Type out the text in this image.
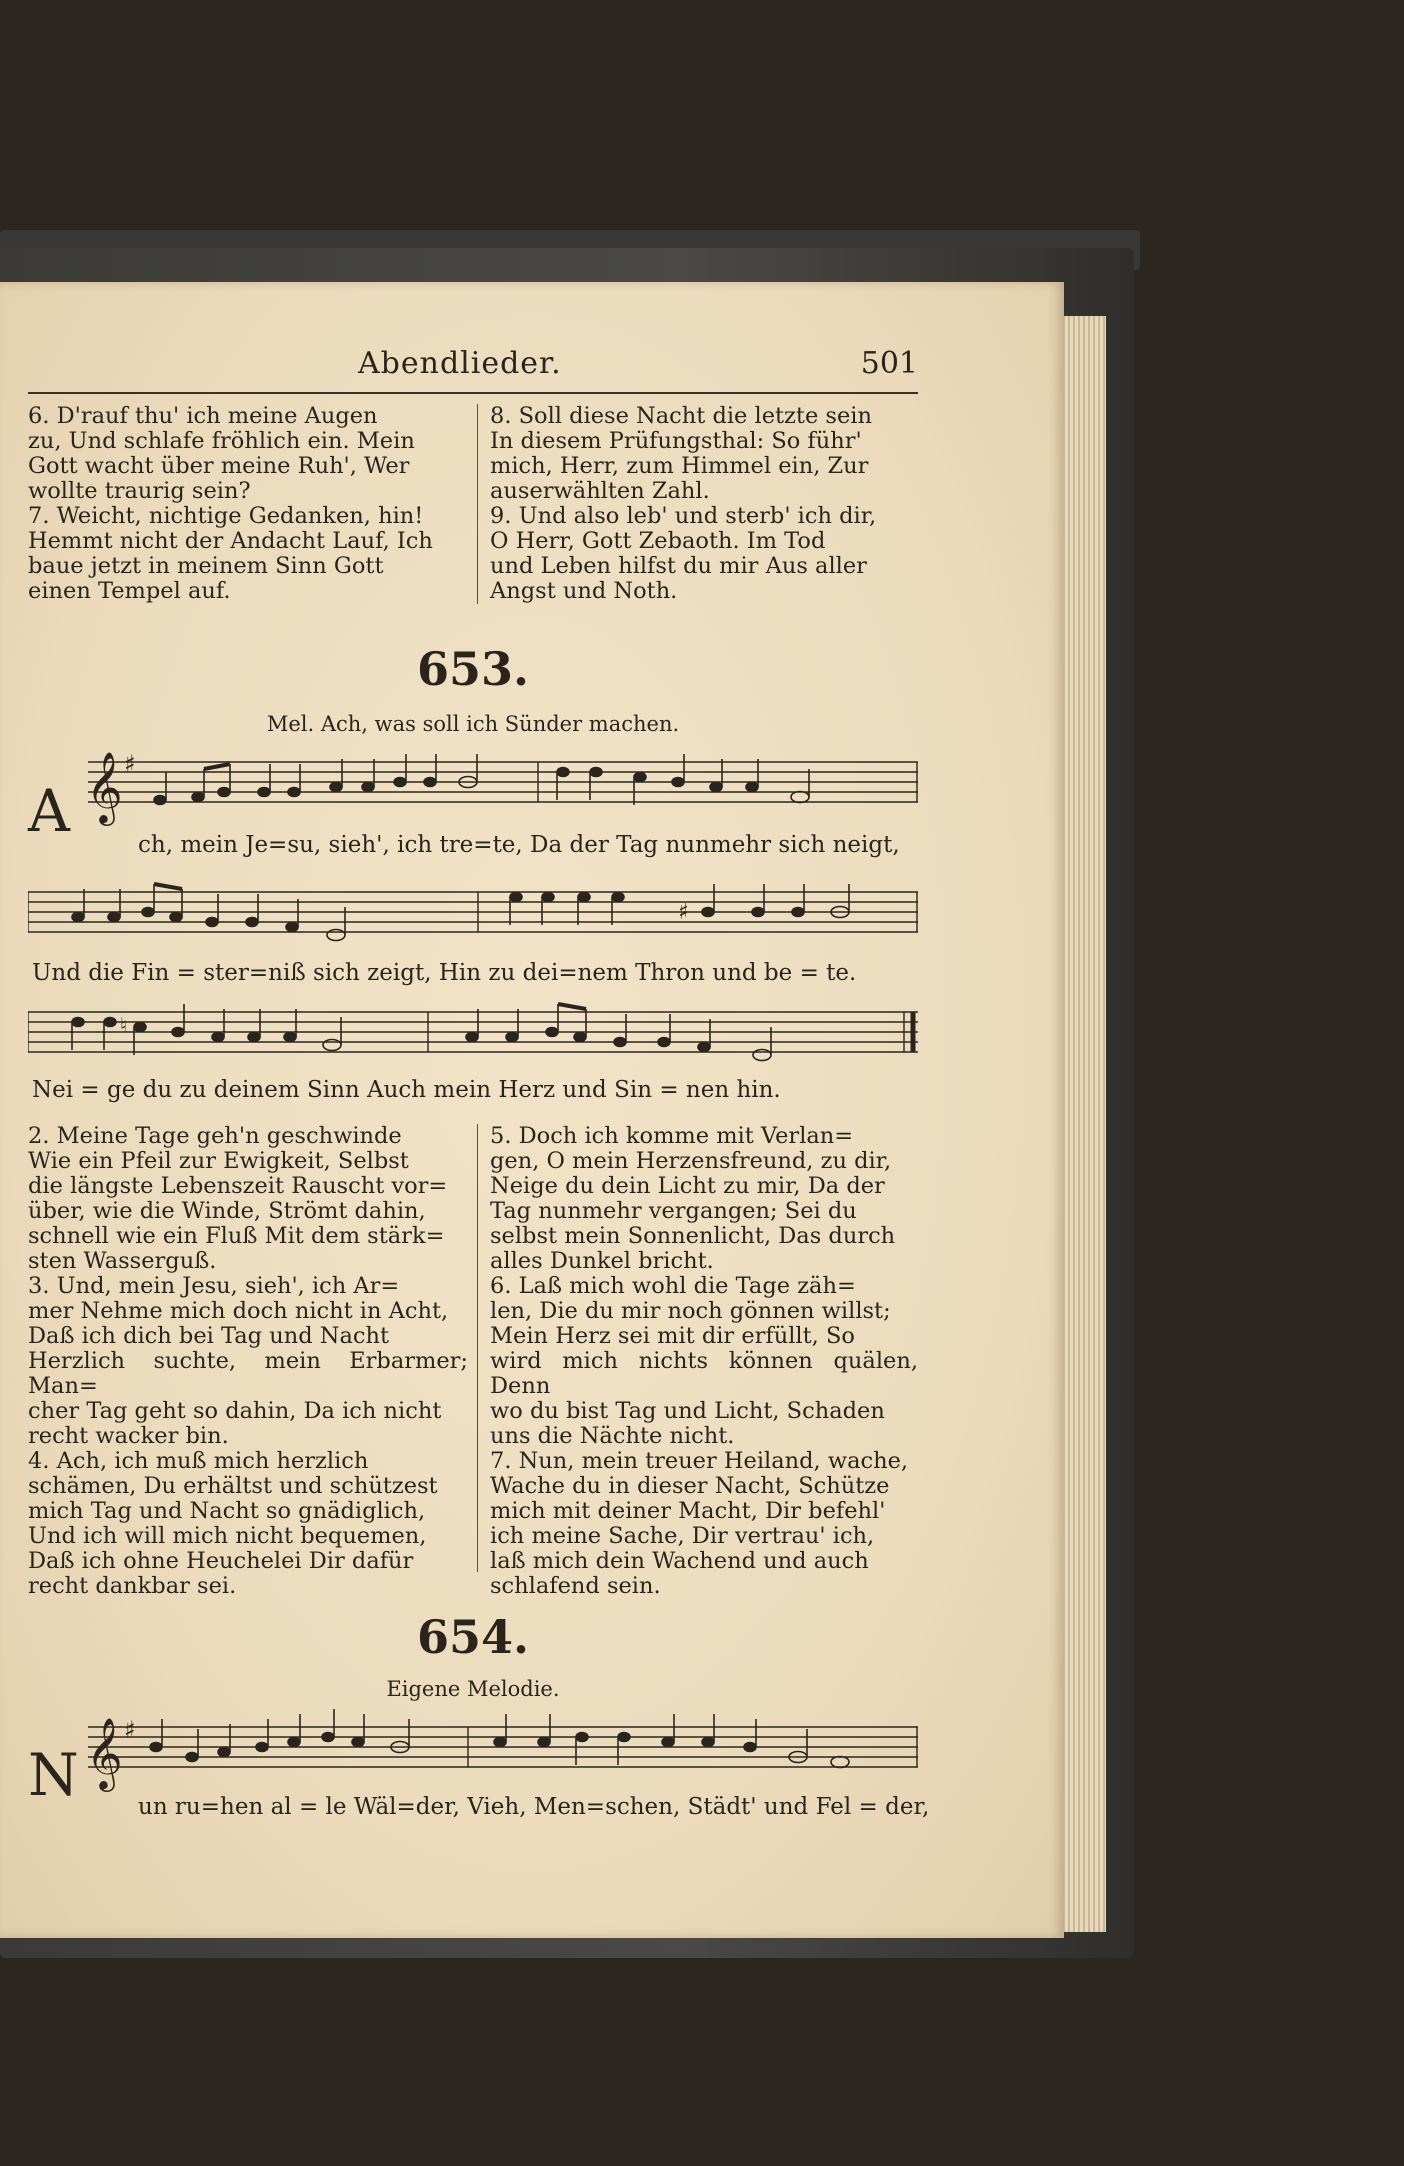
Abendlieder.	501
6. D'rauf thu' ich meine Augen
zu, Und schlafe fröhlich ein. Mein
Gott wacht über meine Ruh', Wer
wollte traurig sein?
7. Weicht, nichtige Gedanken, hin!
Hemmt nicht der Andacht Lauf, Ich
baue jetzt in meinem Sinn Gott
einen Tempel auf.
8. Soll diese Nacht die letzte sein
In diesem Prüfungsthal: So führ'
mich, Herr, zum Himmel ein, Zur
auserwählten Zahl.
9. Und also leb' und sterb' ich dir,
O Herr, Gott Zebaoth. Im Tod
und Leben hilfst du mir Aus aller
Angst und Noth.
653.
Mel. Ach, was soll ich Sünder machen.
𝄞 ♯
A	ch, mein Je=su, sieh', ich tre=te, Da der Tag nunmehr sich neigt,
♯
Und die Fin = ster=niß sich zeigt, Hin zu dei=nem Thron und be = te.
♮
Nei = ge du zu deinem Sinn Auch mein Herz und Sin = nen hin.
2. Meine Tage geh'n geschwinde
Wie ein Pfeil zur Ewigkeit, Selbst
die längste Lebenszeit Rauscht vor=
über, wie die Winde, Strömt dahin,
schnell wie ein Fluß Mit dem stärk=
sten Wasserguß.
3. Und, mein Jesu, sieh', ich Ar=
mer Nehme mich doch nicht in Acht,
Daß ich dich bei Tag und Nacht
Herzlich suchte, mein Erbarmer; Man=
cher Tag geht so dahin, Da ich nicht
recht wacker bin.
4. Ach, ich muß mich herzlich
schämen, Du erhältst und schützest
mich Tag und Nacht so gnädiglich,
Und ich will mich nicht bequemen,
Daß ich ohne Heuchelei Dir dafür
recht dankbar sei.
5. Doch ich komme mit Verlan=
gen, O mein Herzensfreund, zu dir,
Neige du dein Licht zu mir, Da der
Tag nunmehr vergangen; Sei du
selbst mein Sonnenlicht, Das durch
alles Dunkel bricht.
6. Laß mich wohl die Tage zäh=
len, Die du mir noch gönnen willst;
Mein Herz sei mit dir erfüllt, So
wird mich nichts können quälen, Denn
wo du bist Tag und Licht, Schaden
uns die Nächte nicht.
7. Nun, mein treuer Heiland, wache,
Wache du in dieser Nacht, Schütze
mich mit deiner Macht, Dir befehl'
ich meine Sache, Dir vertrau' ich,
laß mich dein Wachend und auch
schlafend sein.
654.
Eigene Melodie.
𝄞 ♯
N	un ru=hen al = le Wäl=der, Vieh, Men=schen, Städt' und Fel = der,
